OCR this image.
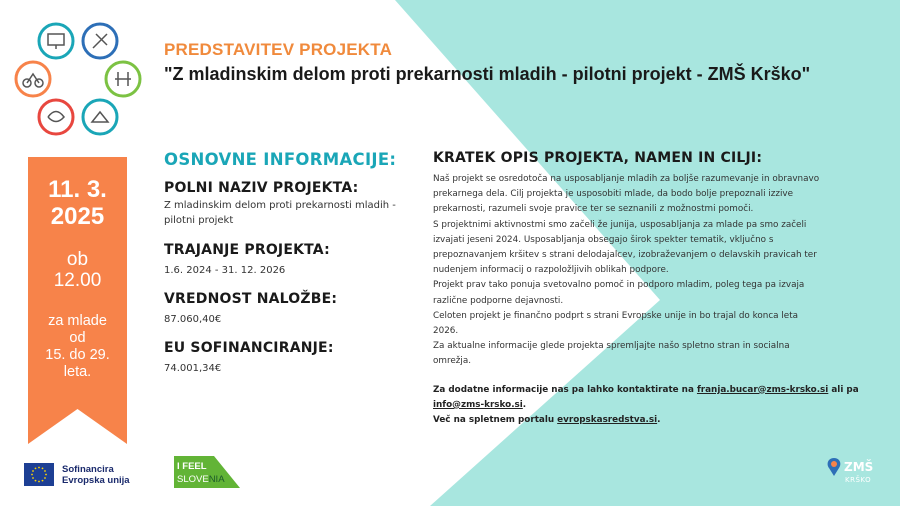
PREDSTAVITEV PROJEKTA
"Z mladinskim delom proti prekarnosti mladih - pilotni projekt - ZMŠ Krško"
11. 3.
2025
ob
12.00
za mlade
od
15. do 29.
leta.
OSNOVNE INFORMACIJE:
POLNI NAZIV PROJEKTA:
Z mladinskim delom proti prekarnosti mladih -
pilotni projekt
TRAJANJE PROJEKTA:
1.6. 2024 - 31. 12. 2026
VREDNOST NALOŽBE:
87.060,40€
EU SOFINANCIRANJE:
74.001,34€
KRATEK OPIS PROJEKTA, NAMEN IN CILJI:
Naš projekt se osredotoča na usposabljanje mladih za boljše razumevanje in obravnavo
prekarnega dela. Cilj projekta je usposobiti mlade, da bodo bolje prepoznali izzive
prekarnosti, razumeli svoje pravice ter se seznanili z možnostmi pomoči.
S projektnimi aktivnostmi smo začeli že junija, usposabljanja za mlade pa smo začeli
izvajati jeseni 2024. Usposabljanja obsegajo širok spekter tematik, vključno s
prepoznavanjem kršitev s strani delodajalcev, izobraževanjem o delavskih pravicah ter
nudenjem informacij o razpoložljivih oblikah podpore.
Projekt prav tako ponuja svetovalno pomoč in podporo mladim, poleg tega pa izvaja
različne podporne dejavnosti.
Celoten projekt je finančno podprt s strani Evropske unije in bo trajal do konca leta
2026.
Za aktualne informacije glede projekta spremljajte našo spletno stran in socialna
omrežja.
Za dodatne informacije nas pa lahko kontaktirate na franja.bucar@zms-krsko.si ali pa
info@zms-krsko.si.
Več na spletnem portalu evropskasredstva.si.
Sofinancira
Evropska unija
I FEEL
SLOVENIA
ZMŠ
KRŠKO
